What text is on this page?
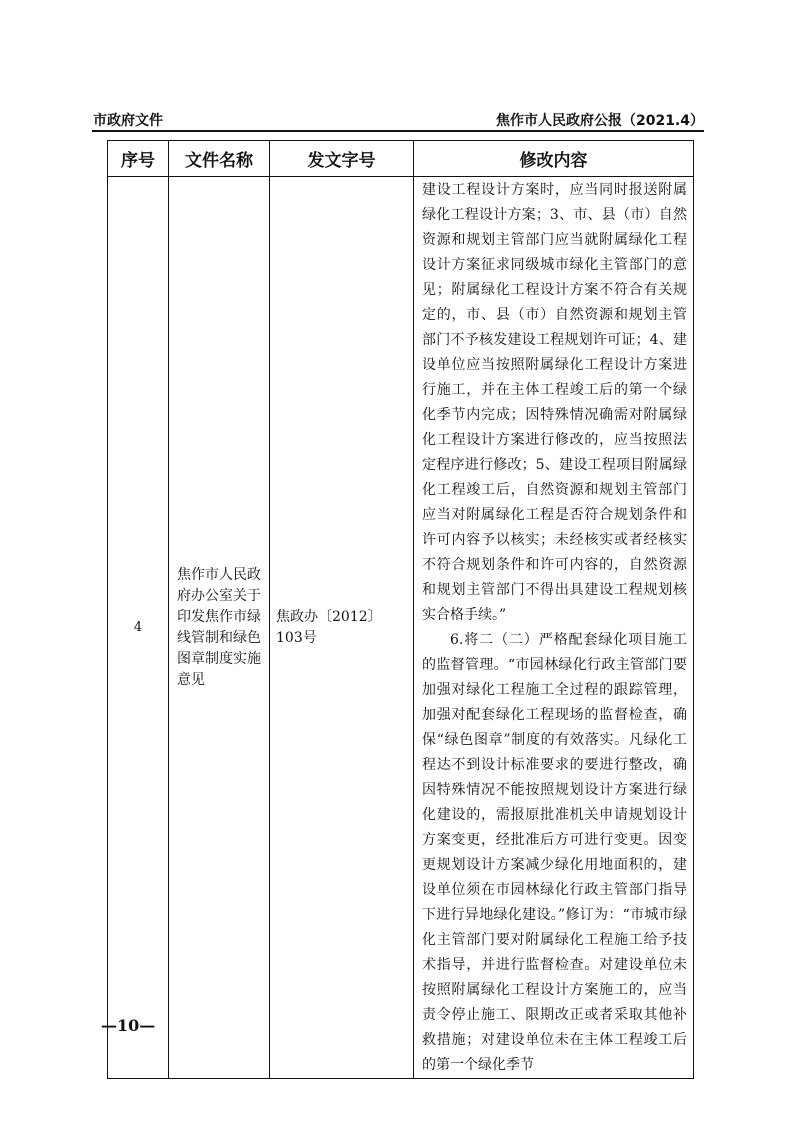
市政府文件	焦作市人民政府公报（2021.4）
序号	文件名称	发文字号	修改内容
4	焦作市人民政府办公室关于印发焦作市绿线管制和绿色图章制度实施意见	焦政办〔2012〕103号	建设工程设计方案时，应当同时报送附属绿化工程设计方案；3、市、县（市）自然资源和规划主管部门应当就附属绿化工程设计方案征求同级城市绿化主管部门的意见；附属绿化工程设计方案不符合有关规定的，市、县（市）自然资源和规划主管部门不予核发建设工程规划许可证；4、建设单位应当按照附属绿化工程设计方案进行施工，并在主体工程竣工后的第一个绿化季节内完成；因特殊情况确需对附属绿化工程设计方案进行修改的，应当按照法定程序进行修改；5、建设工程项目附属绿化工程竣工后，自然资源和规划主管部门应当对附属绿化工程是否符合规划条件和许可内容予以核实；未经核实或者经核实不符合规划条件和许可内容的，自然资源和规划主管部门不得出具建设工程规划核实合格手续。”

6.将二（二）严格配套绿化项目施工的监督管理。“市园林绿化行政主管部门要加强对绿化工程施工全过程的跟踪管理，加强对配套绿化工程现场的监督检查，确保“绿色图章”制度的有效落实。凡绿化工程达不到设计标准要求的要进行整改，确因特殊情况不能按照规划设计方案进行绿化建设的，需报原批准机关申请规划设计方案变更，经批准后方可进行变更。因变更规划设计方案减少绿化用地面积的，建设单位须在市园林绿化行政主管部门指导下进行异地绿化建设。”修订为：“市城市绿化主管部门要对附属绿化工程施工给予技术指导，并进行监督检查。对建设单位未按照附属绿化工程设计方案施工的，应当责令停止施工、限期改正或者采取其他补救措施；对建设单位未在主体工程竣工后的第一个绿化季节

—10—
